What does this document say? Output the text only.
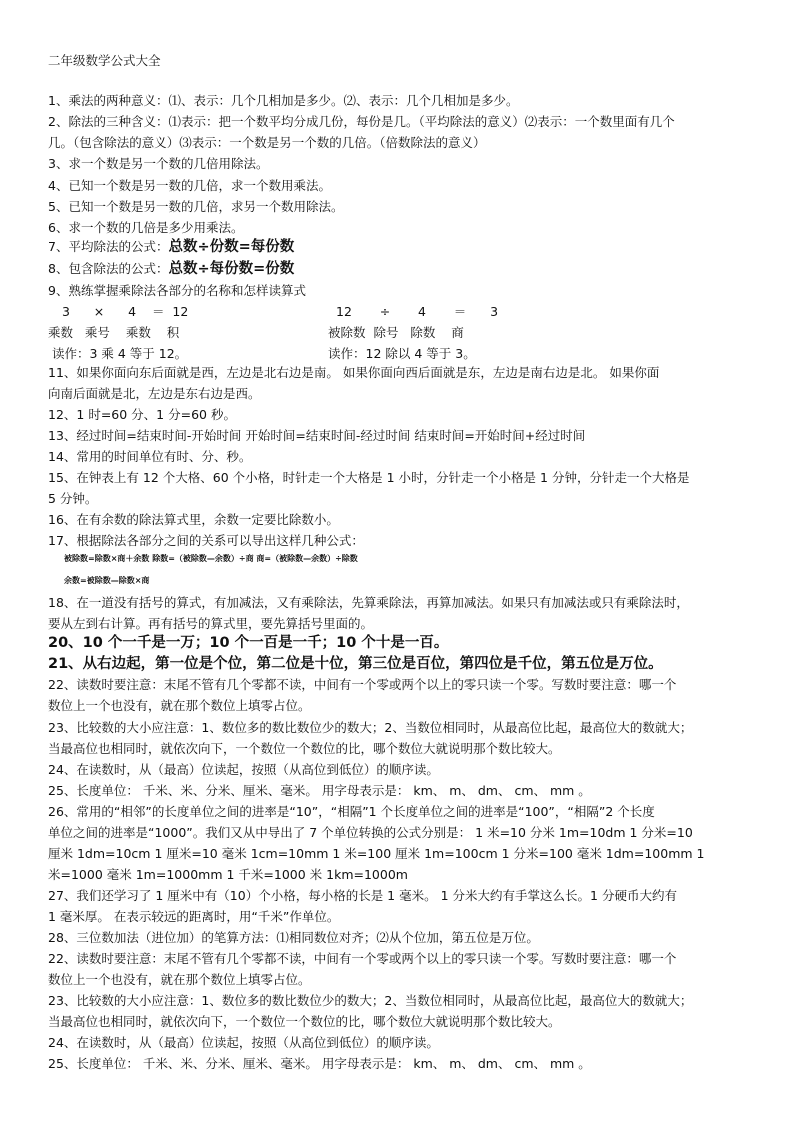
二年级数学公式大全
1、乘法的两种意义：⑴、表示：几个几相加是多少。⑵、表示：几个几相加是多少。
2、除法的三种含义：⑴表示：把一个数平均分成几份，每份是几。（平均除法的意义）⑵表示：一个数里面有几个
几。（包含除法的意义）⑶表示：一个数是另一个数的几倍。（倍数除法的意义）
3、求一个数是另一个数的几倍用除法。
4、已知一个数是另一数的几倍，求一个数用乘法。
5、已知一个数是另一数的几倍，求另一个数用除法。
6、求一个数的几倍是多少用乘法。
7、平均除法的公式：总数÷份数=每份数
8、包含除法的公式：总数÷每份数=份数
9、熟练掌握乘除法各部分的名称和怎样读算式
3      ×      4    ＝  12	12       ÷       4       ＝      3
乘数   乘号    乘数    积	被除数  除号   除数    商
读作：3 乘 4 等于 12。	读作：12 除以 4 等于 3。
11、如果你面向东后面就是西，左边是北右边是南。 如果你面向西后面就是东，左边是南右边是北。 如果你面
向南后面就是北，左边是东右边是西。
12、1 时=60 分、1 分=60 秒。
13、经过时间=结束时间-开始时间 开始时间=结束时间-经过时间 结束时间=开始时间+经过时间
14、常用的时间单位有时、分、秒。
15、在钟表上有 12 个大格、60 个小格，时针走一个大格是 1 小时，分针走一个小格是 1 分钟，分针走一个大格是
5 分钟。
16、在有余数的除法算式里，余数一定要比除数小。
17、根据除法各部分之间的关系可以导出这样几种公式：
被除数=除数×商＋余数 除数=（被除数—余数）÷商 商=（被除数—余数）÷除数
余数=被除数—除数×商
18、在一道没有括号的算式，有加减法，又有乘除法，先算乘除法，再算加减法。如果只有加减法或只有乘除法时，
要从左到右计算。再有括号的算式里，要先算括号里面的。
20、10 个一千是一万；10 个一百是一千；10 个十是一百。
21、从右边起，第一位是个位，第二位是十位，第三位是百位，第四位是千位，第五位是万位。
22、读数时要注意：末尾不管有几个零都不读，中间有一个零或两个以上的零只读一个零。写数时要注意：哪一个
数位上一个也没有，就在那个数位上填零占位。
23、比较数的大小应注意：1、数位多的数比数位少的数大；2、当数位相同时，从最高位比起，最高位大的数就大；
当最高位也相同时，就依次向下，一个数位一个数位的比，哪个数位大就说明那个数比较大。
24、在读数时，从（最高）位读起，按照（从高位到低位）的顺序读。
25、长度单位： 千米、米、分米、厘米、毫米。 用字母表示是： km、 m、 dm、 cm、 mm 。
26、常用的“相邻”的长度单位之间的进率是“10”，“相隔”1 个长度单位之间的进率是“100”，“相隔”2 个长度
单位之间的进率是“1000”。我们又从中导出了 7 个单位转换的公式分别是： 1 米=10 分米 1m=10dm 1 分米=10
厘米 1dm=10cm 1 厘米=10 毫米 1cm=10mm 1 米=100 厘米 1m=100cm 1 分米=100 毫米 1dm=100mm 1
米=1000 毫米 1m=1000mm 1 千米=1000 米 1km=1000m
27、我们还学习了 1 厘米中有（10）个小格，每小格的长是 1 毫米。 1 分米大约有手掌这么长。1 分硬币大约有
1 毫米厚。 在表示较远的距离时，用“千米”作单位。
28、三位数加法（进位加）的笔算方法：⑴相同数位对齐；⑵从个位加，第五位是万位。
22、读数时要注意：末尾不管有几个零都不读，中间有一个零或两个以上的零只读一个零。写数时要注意：哪一个
数位上一个也没有，就在那个数位上填零占位。
23、比较数的大小应注意：1、数位多的数比数位少的数大；2、当数位相同时，从最高位比起，最高位大的数就大；
当最高位也相同时，就依次向下，一个数位一个数位的比，哪个数位大就说明那个数比较大。
24、在读数时，从（最高）位读起，按照（从高位到低位）的顺序读。
25、长度单位： 千米、米、分米、厘米、毫米。 用字母表示是： km、 m、 dm、 cm、 mm 。
